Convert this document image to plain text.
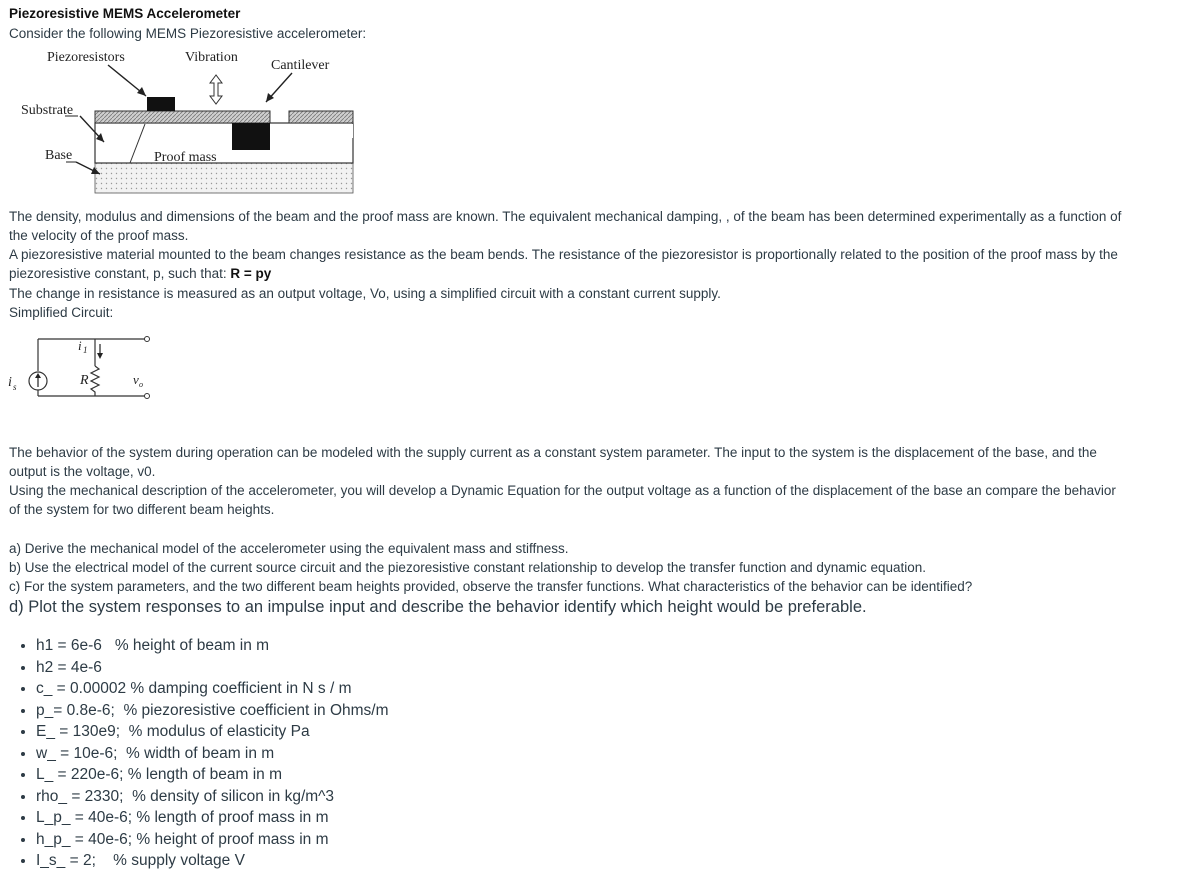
Piezoresistive MEMS Accelerometer
Consider the following MEMS Piezoresistive accelerometer:
Piezoresistors	Vibration
Cantilever
Substrate
Base	Proof mass
The density, modulus and dimensions of the beam and the proof mass are known. The equivalent mechanical damping, , of the beam has been determined experimentally as a function of
the velocity of the proof mass.
A piezoresistive material mounted to the beam changes resistance as the beam bends. The resistance of the piezoresistor is proportionally related to the position of the proof mass by the
piezoresistive constant, p, such that: R = py
The change in resistance is measured as an output voltage, Vo, using a simplified circuit with a constant current supply.
Simplified Circuit:
i s
i 1
R	v o
The behavior of the system during operation can be modeled with the supply current as a constant system parameter. The input to the system is the displacement of the base, and the
output is the voltage, v0.
Using the mechanical description of the accelerometer, you will develop a Dynamic Equation for the output voltage as a function of the displacement of the base an compare the behavior
of the system for two different beam heights.
a) Derive the mechanical model of the accelerometer using the equivalent mass and stiffness.
b) Use the electrical model of the current source circuit and the piezoresistive constant relationship to develop the transfer function and dynamic equation.
c) For the system parameters, and the two different beam heights provided, observe the transfer functions. What characteristics of the behavior can be identified?
d) Plot the system responses to an impulse input and describe the behavior identify which height would be preferable.
• h1 = 6e-6   % height of beam in m
• h2 = 4e-6
• c_ = 0.00002 % damping coefficient in N s / m
• p_= 0.8e-6;  % piezoresistive coefficient in Ohms/m
• E_ = 130e9;  % modulus of elasticity Pa
• w_ = 10e-6;  % width of beam in m
• L_ = 220e-6; % length of beam in m
• rho_ = 2330;  % density of silicon in kg/m^3
• L_p_ = 40e-6; % length of proof mass in m
• h_p_ = 40e-6; % height of proof mass in m
• I_s_ = 2;    % supply voltage V
